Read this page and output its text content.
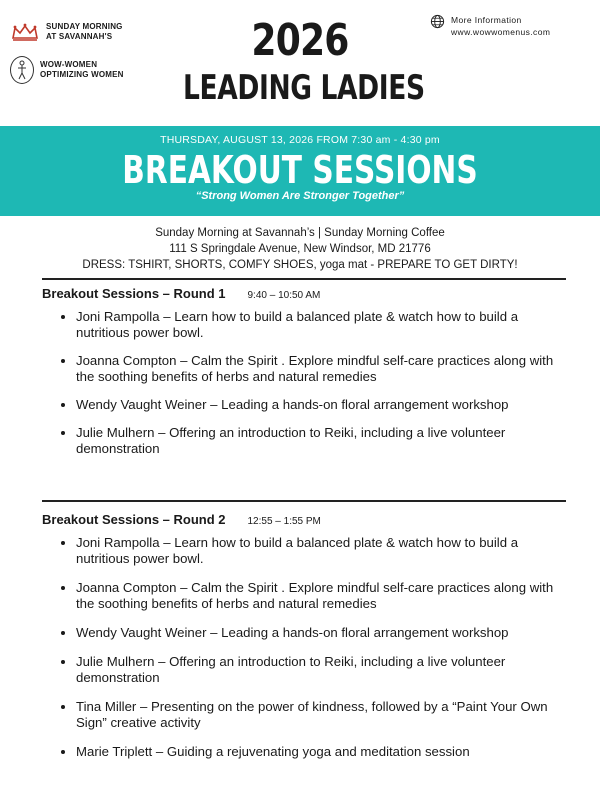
SUNDAY MORNING
AT SAVANNAH'S
WOW-WOMEN
OPTIMIZING WOMEN
2026
LEADING LADIES
More Information
www.wowwomenus.com
THURSDAY, AUGUST 13, 2026 FROM 7:30 am - 4:30 pm
BREAKOUT SESSIONS
“Strong Women Are Stronger Together”
Sunday Morning at Savannah’s | Sunday Morning Coffee
111 S Springdale Avenue, New Windsor, MD 21776
DRESS: TSHIRT, SHORTS, COMFY SHOES, yoga mat - PREPARE TO GET DIRTY!
Breakout Sessions – Round 1 9:40 – 10:50 AM
• Joni Rampolla – Learn how to build a balanced plate & watch how to build a nutritious power bowl.
• Joanna Compton – Calm the Spirit . Explore mindful self-care practices along with the soothing benefits of herbs and natural remedies
• Wendy Vaught Weiner – Leading a hands-on floral arrangement workshop
• Julie Mulhern – Offering an introduction to Reiki, including a live volunteer demonstration
Breakout Sessions – Round 2 12:55 – 1:55 PM
• Joni Rampolla – Learn how to build a balanced plate & watch how to build a nutritious power bowl.
• Joanna Compton – Calm the Spirit . Explore mindful self-care practices along with the soothing benefits of herbs and natural remedies
• Wendy Vaught Weiner – Leading a hands-on floral arrangement workshop
• Julie Mulhern – Offering an introduction to Reiki, including a live volunteer demonstration
• Tina Miller – Presenting on the power of kindness, followed by a “Paint Your Own Sign” creative activity
• Marie Triplett – Guiding a rejuvenating yoga and meditation session
